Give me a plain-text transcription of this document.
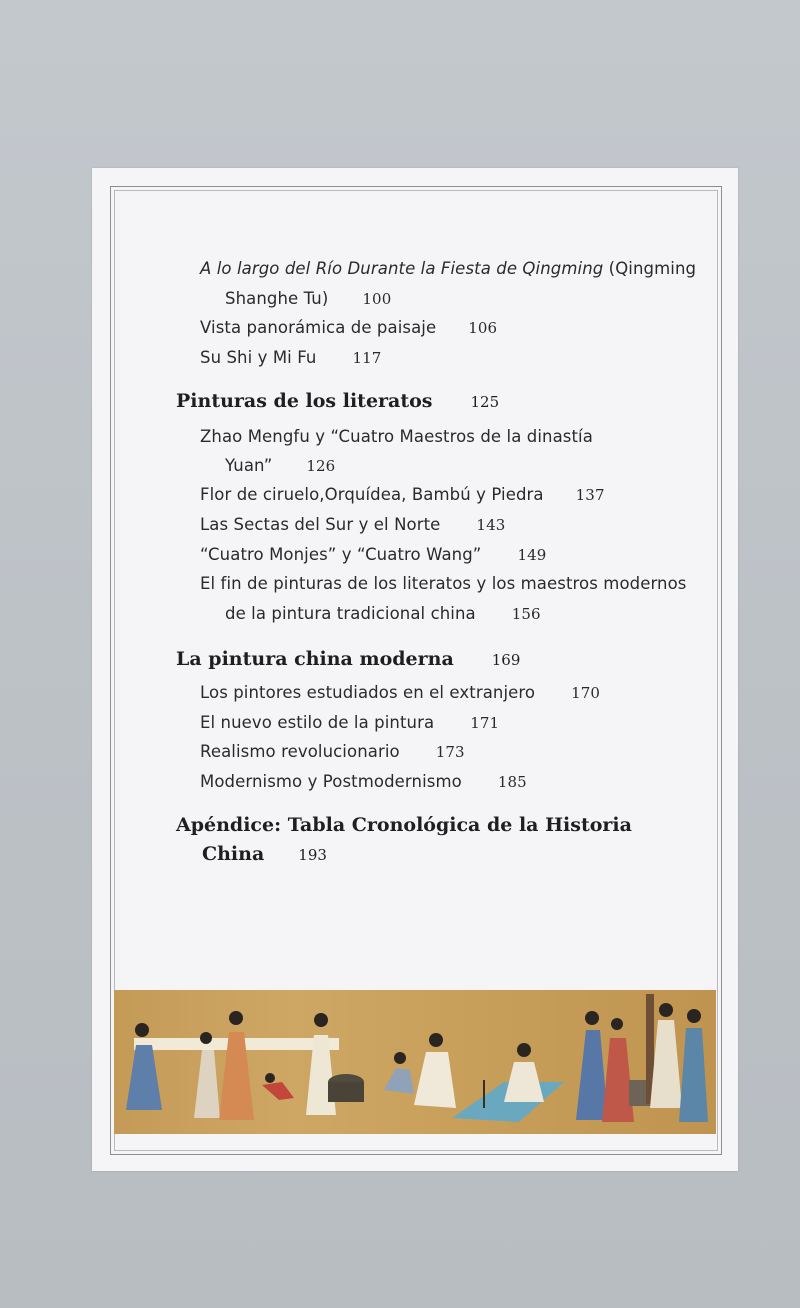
A lo largo del Río Durante la Fiesta de Qingming (Qingming
Shanghe Tu) 100
Vista panorámica de paisaje 106
Su Shi y Mi Fu 117
Pinturas de los literatos	125
Zhao Mengfu y “Cuatro Maestros de la dinastía
Yuan” 126
Flor de ciruelo,Orquídea, Bambú y Piedra 137
Las Sectas del Sur y el Norte 143
“Cuatro Monjes” y “Cuatro Wang” 149
El fin de pinturas de los literatos y los maestros modernos
de la pintura tradicional china 156
La pintura china moderna	169
Los pintores estudiados en el extranjero 170
El nuevo estilo de la pintura 171
Realismo revolucionario 173
Modernismo y Postmodernismo 185
Apéndice: Tabla Cronológica de la Historia
China 193
